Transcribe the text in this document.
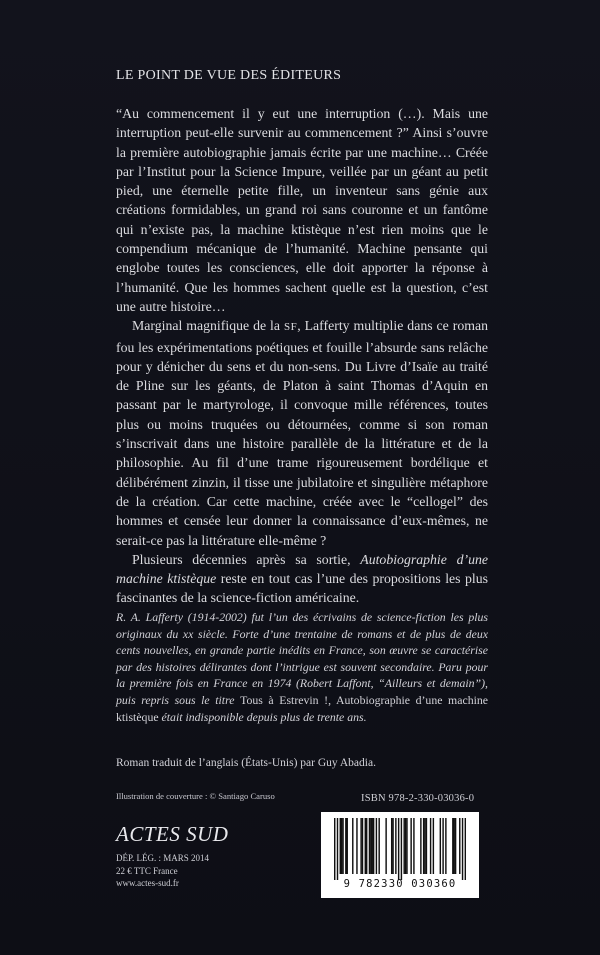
LE POINT DE VUE DES ÉDITEURS

“Au commencement il y eut une interruption (…). Mais une interruption peut-elle survenir au commencement ?” Ainsi s’ouvre la première autobiographie jamais écrite par une machine… Créée par l’Institut pour la Science Impure, veillée par un géant au petit pied, une éternelle petite fille, un inventeur sans génie aux créations formidables, un grand roi sans couronne et un fantôme qui n’existe pas, la machine ktistèque n’est rien moins que le compendium mécanique de l’humanité. Machine pensante qui englobe toutes les consciences, elle doit apporter la réponse à l’humanité. Que les hommes sachent quelle est la question, c’est une autre histoire…

Marginal magnifique de la SF, Lafferty multiplie dans ce roman fou les expérimentations poétiques et fouille l’absurde sans relâche pour y dénicher du sens et du non-sens. Du Livre d’Isaïe au traité de Pline sur les géants, de Platon à saint Thomas d’Aquin en passant par le martyrologe, il convoque mille références, toutes plus ou moins truquées ou détournées, comme si son roman s’inscrivait dans une histoire parallèle de la littérature et de la philosophie. Au fil d’une trame rigoureusement bordélique et délibérément zinzin, il tisse une jubilatoire et singulière métaphore de la création. Car cette machine, créée avec le “cellogel” des hommes et censée leur donner la connaissance d’eux-mêmes, ne serait-ce pas la littérature elle-même ?

Plusieurs décennies après sa sortie, Autobiographie d’une machine ktistèque reste en tout cas l’une des propositions les plus fascinantes de la science-fiction américaine.

R. A. Lafferty (1914-2002) fut l’un des écrivains de science-fiction les plus originaux du xx siècle. Forte d’une trentaine de romans et de plus de deux cents nouvelles, en grande partie inédits en France, son œuvre se caractérise par des histoires délirantes dont l’intrigue est souvent secondaire. Paru pour la première fois en France en 1974 (Robert Laffont, “Ailleurs et demain”), puis repris sous le titre Tous à Estrevin !, Autobiographie d’une machine ktistèque était indisponible depuis plus de trente ans.

Roman traduit de l’anglais (États-Unis) par Guy Abadia.
Illustration de couverture : © Santiago Caruso	ISBN 978-2-330-03036-0
ACTES SUD
DÉP. LÉG. : MARS 2014
22 € TTC France
www.actes-sud.fr	9 782330 030360
